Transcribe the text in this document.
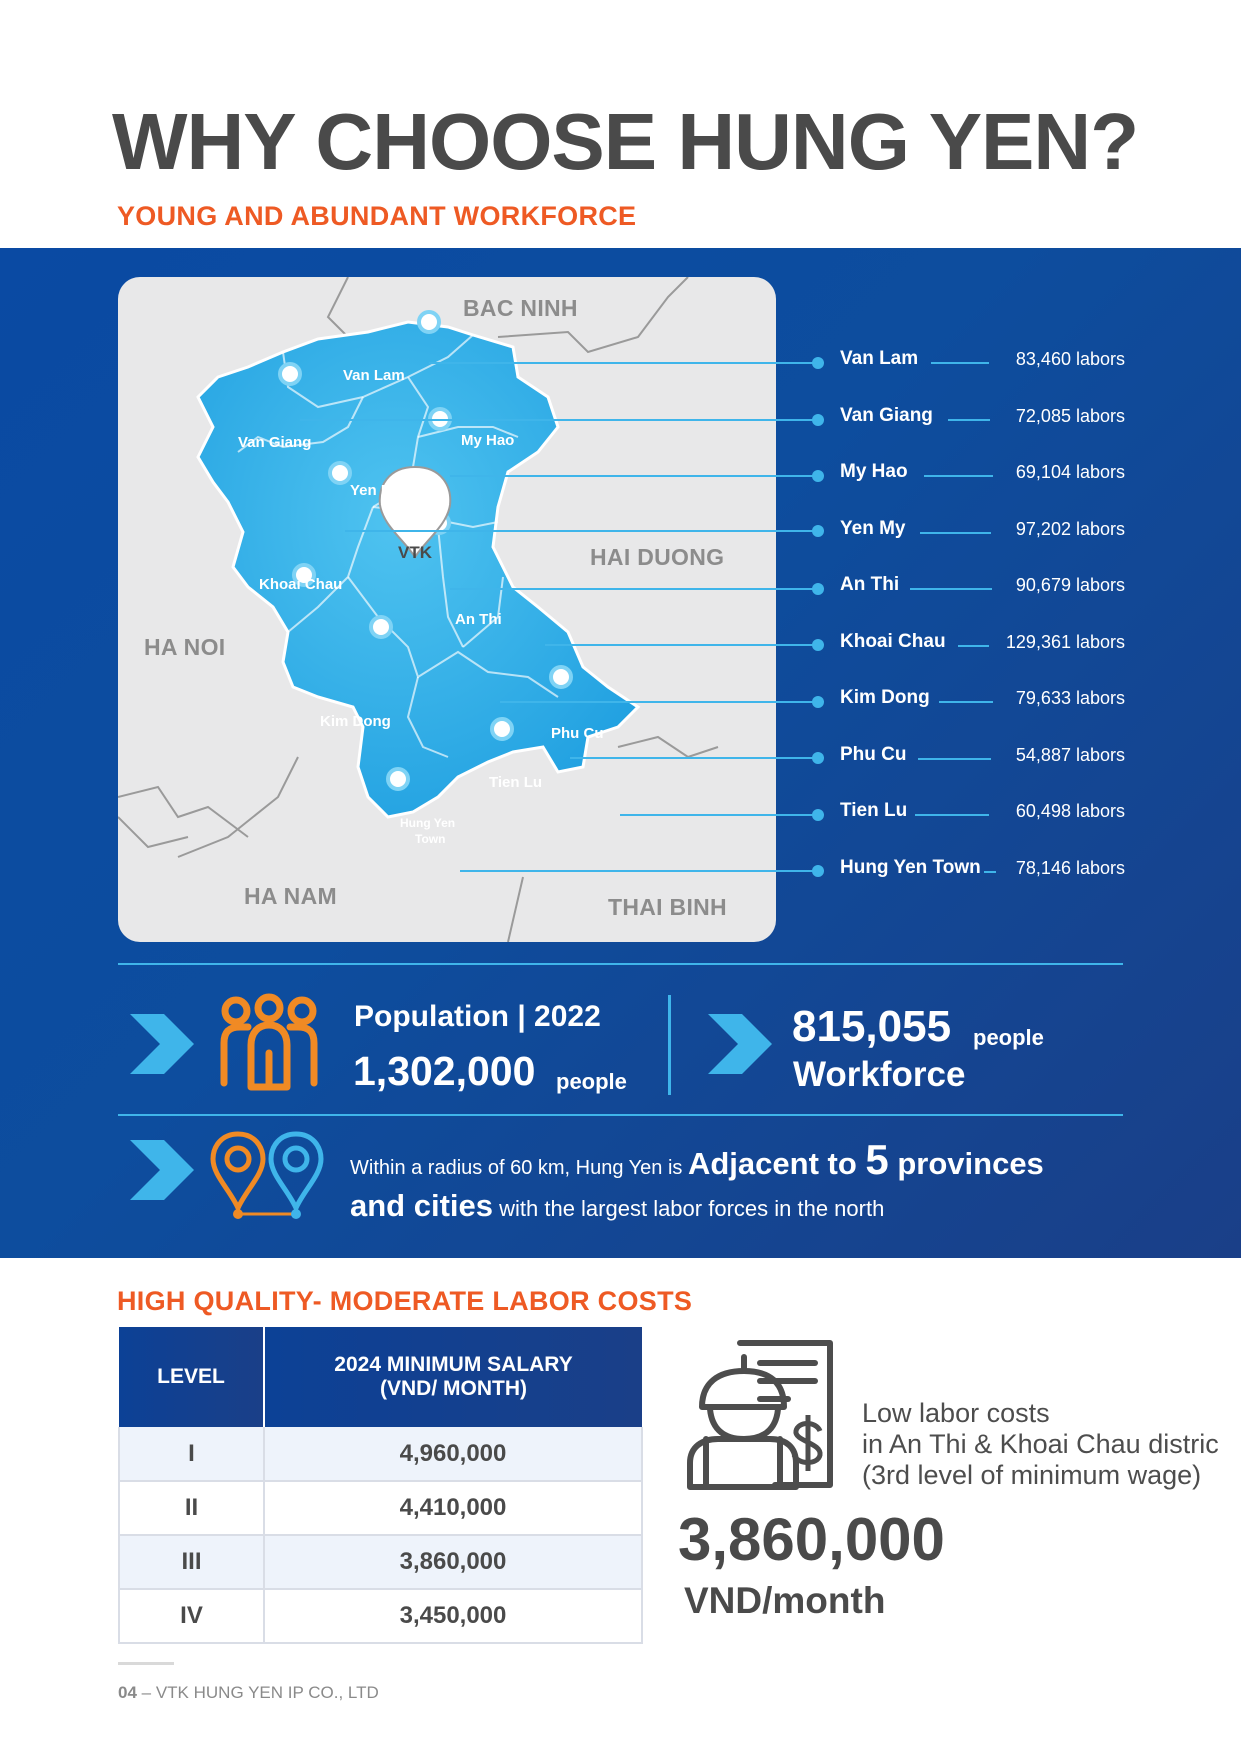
WHY CHOOSE HUNG YEN?
YOUNG AND ABUNDANT WORKFORCE
BAC NINH
HAI DUONG
HA NOI
HA NAM	THAI BINH
Van Lam
Van Giang	My Hao
Yen My
Khoai Chau
An Thi
Kim Dong
Phu Cu
Tien Lu
Hung Yen
Town
VTK
Van Lam	83,460 labors
Van Giang	72,085 labors
My Hao	69,104 labors
Yen My	97,202 labors
An Thi	90,679 labors
Khoai Chau	129,361 labors
Kim Dong	79,633 labors
Phu Cu	54,887 labors
Tien Lu	60,498 labors
Hung Yen Town 78,146 labors
Population | 2022
1,302,000 people
815,055 people
Workforce
Within a radius of 60 km, Hung Yen is Adjacent to 5 provinces
and cities with the largest labor forces in the north
HIGH QUALITY- MODERATE LABOR COSTS
LEVEL	2024 MINIMUM SALARY
(VND/ MONTH)

I	4,960,000
II	4,410,000
III	3,860,000
IV	3,450,000
Low labor costs
in An Thi & Khoai Chau distric
(3rd level of minimum wage)
3,860,000
VND/month
04 – VTK HUNG YEN IP CO., LTD
